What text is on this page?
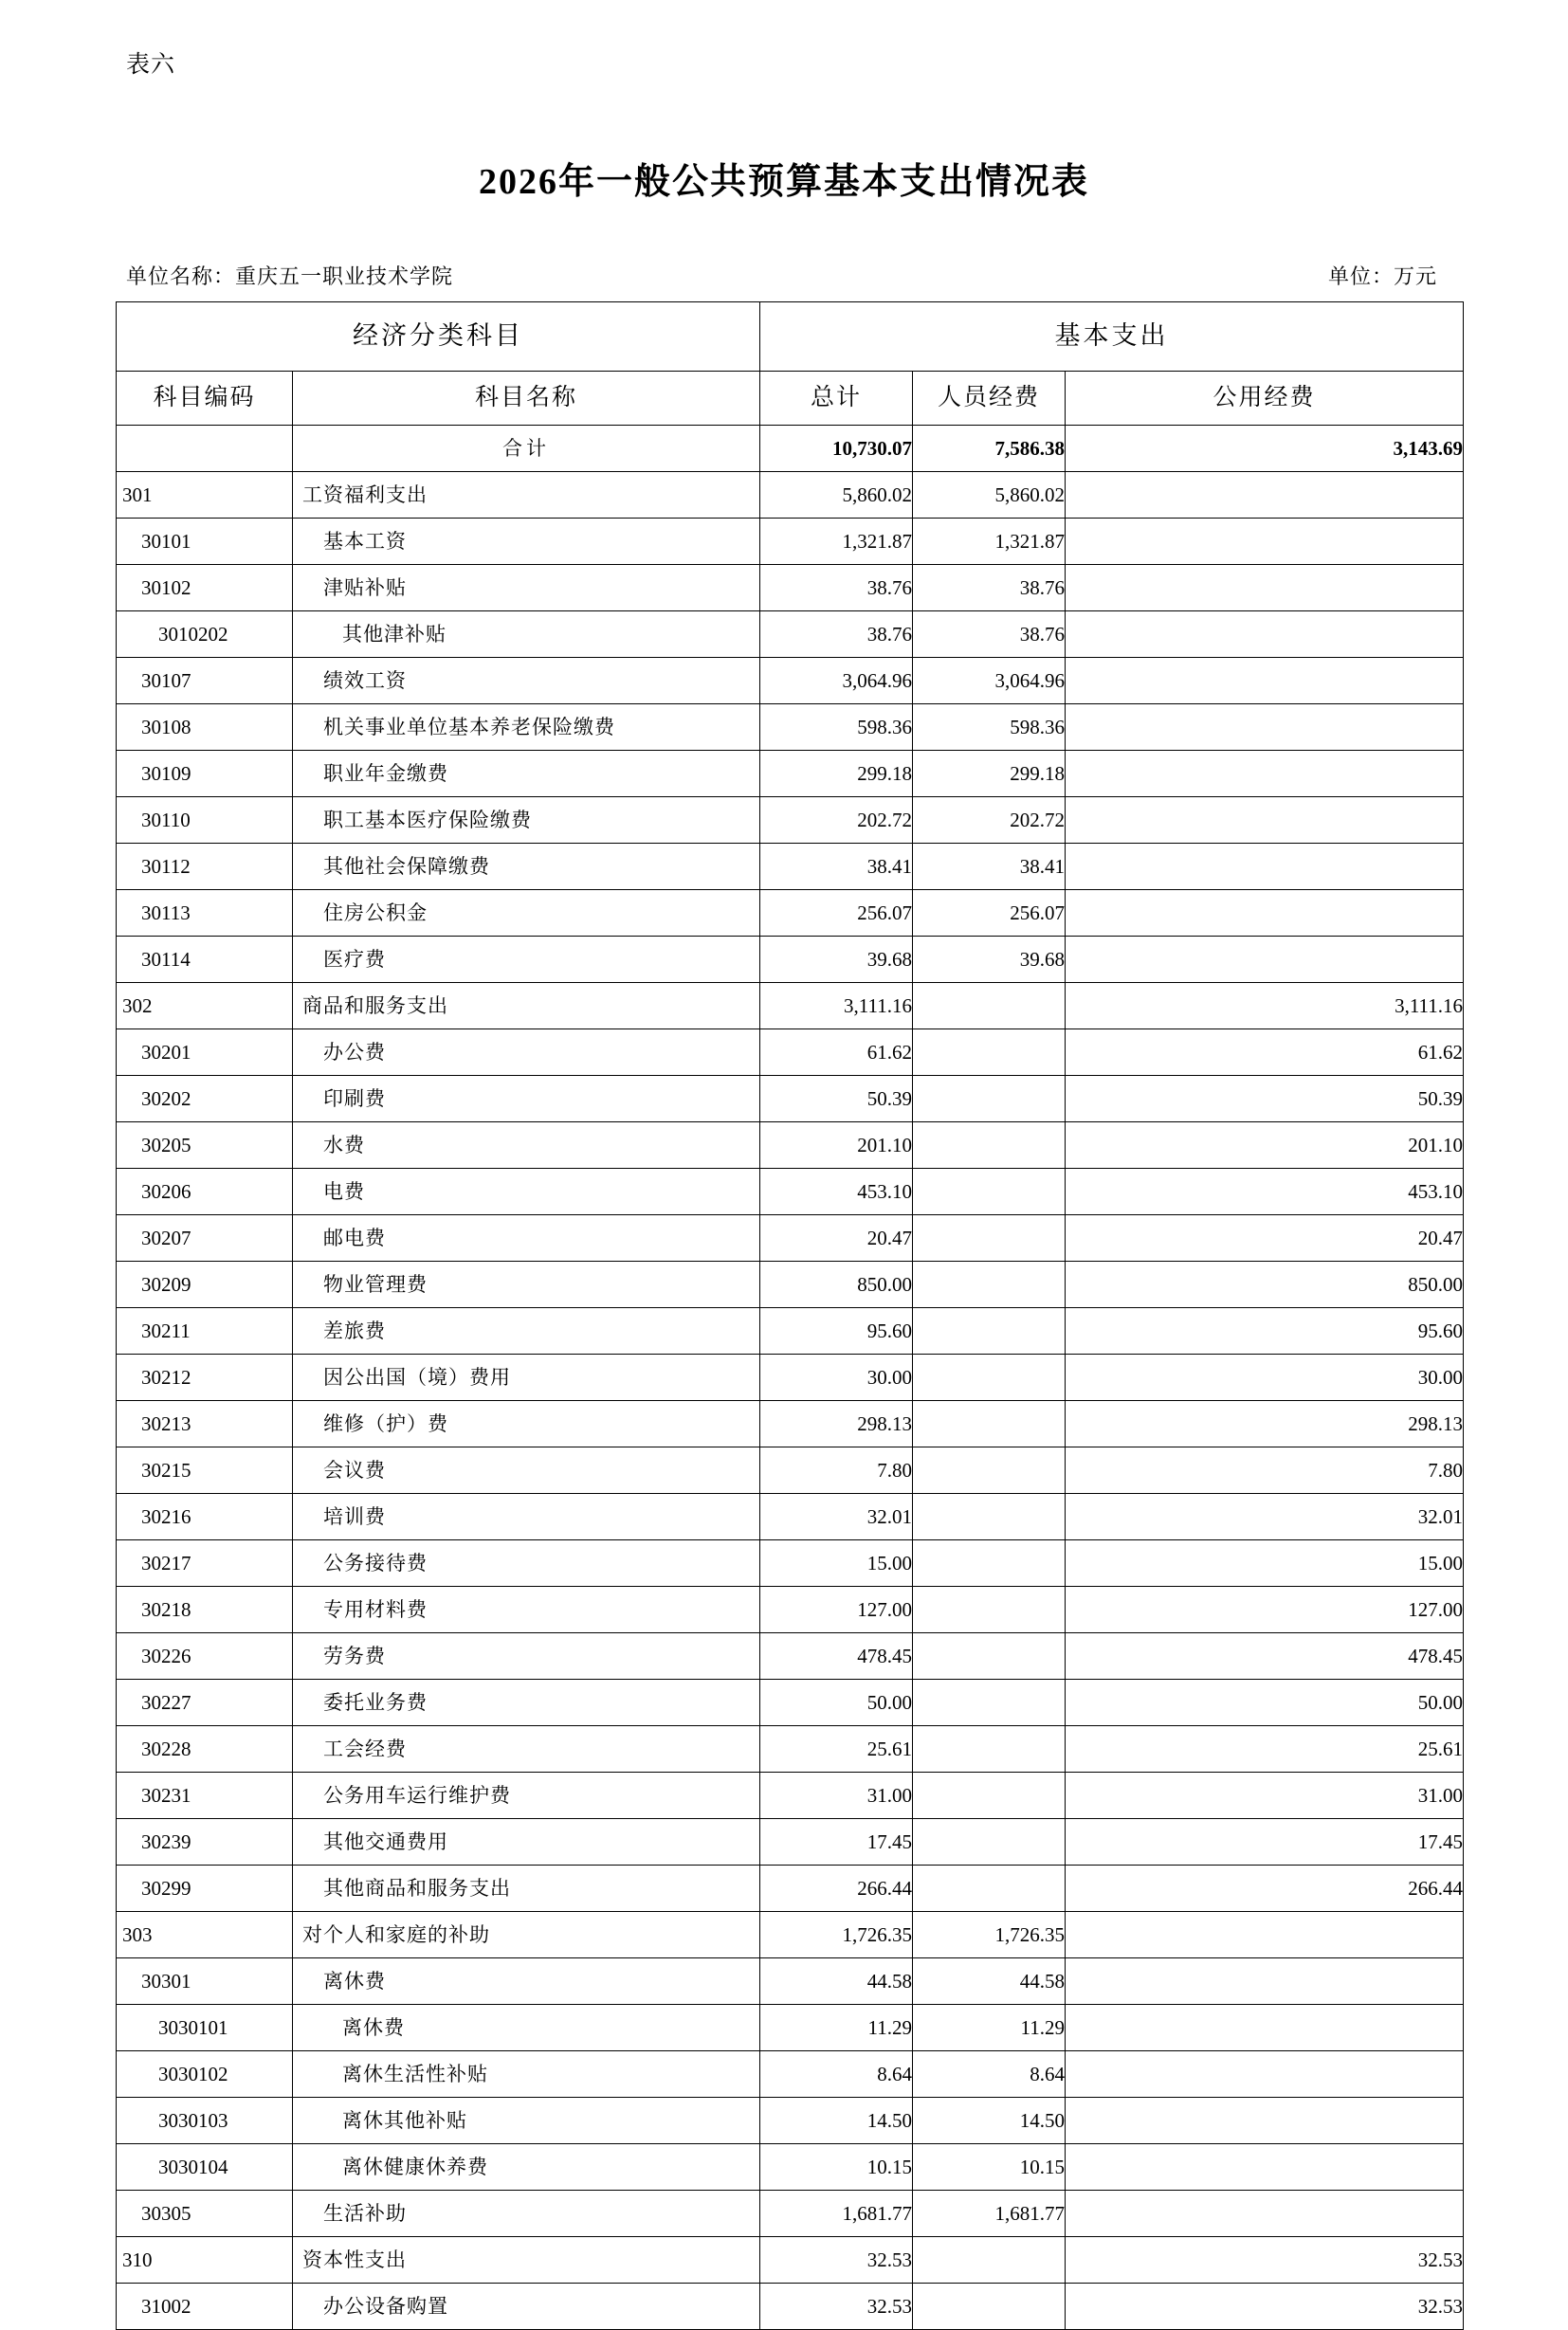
表六
2026年一般公共预算基本支出情况表
单位名称：重庆五一职业技术学院	单位：万元
经济分类科目		基本支出		
科目编码	科目名称	总计	人员经费	公用经费
	合计	10,730.07	7,586.38	3,143.69
301	工资福利支出	5,860.02	5,860.02	
30101	基本工资	1,321.87	1,321.87	
30102	津贴补贴	38.76	38.76	
3010202	其他津补贴	38.76	38.76	
30107	绩效工资	3,064.96	3,064.96	
30108	机关事业单位基本养老保险缴费	598.36	598.36	
30109	职业年金缴费	299.18	299.18	
30110	职工基本医疗保险缴费	202.72	202.72	
30112	其他社会保障缴费	38.41	38.41	
30113	住房公积金	256.07	256.07	
30114	医疗费	39.68	39.68	
302	商品和服务支出	3,111.16		3,111.16
30201	办公费	61.62		61.62
30202	印刷费	50.39		50.39
30205	水费	201.10		201.10
30206	电费	453.10		453.10
30207	邮电费	20.47		20.47
30209	物业管理费	850.00		850.00
30211	差旅费	95.60		95.60
30212	因公出国（境）费用	30.00		30.00
30213	维修（护）费	298.13		298.13
30215	会议费	7.80		7.80
30216	培训费	32.01		32.01
30217	公务接待费	15.00		15.00
30218	专用材料费	127.00		127.00
30226	劳务费	478.45		478.45
30227	委托业务费	50.00		50.00
30228	工会经费	25.61		25.61
30231	公务用车运行维护费	31.00		31.00
30239	其他交通费用	17.45		17.45
30299	其他商品和服务支出	266.44		266.44
303	对个人和家庭的补助	1,726.35	1,726.35	
30301	离休费	44.58	44.58	
3030101	离休费	11.29	11.29	
3030102	离休生活性补贴	8.64	8.64	
3030103	离休其他补贴	14.50	14.50	
3030104	离休健康休养费	10.15	10.15	
30305	生活补助	1,681.77	1,681.77	
310	资本性支出	32.53		32.53
31002	办公设备购置	32.53		32.53
